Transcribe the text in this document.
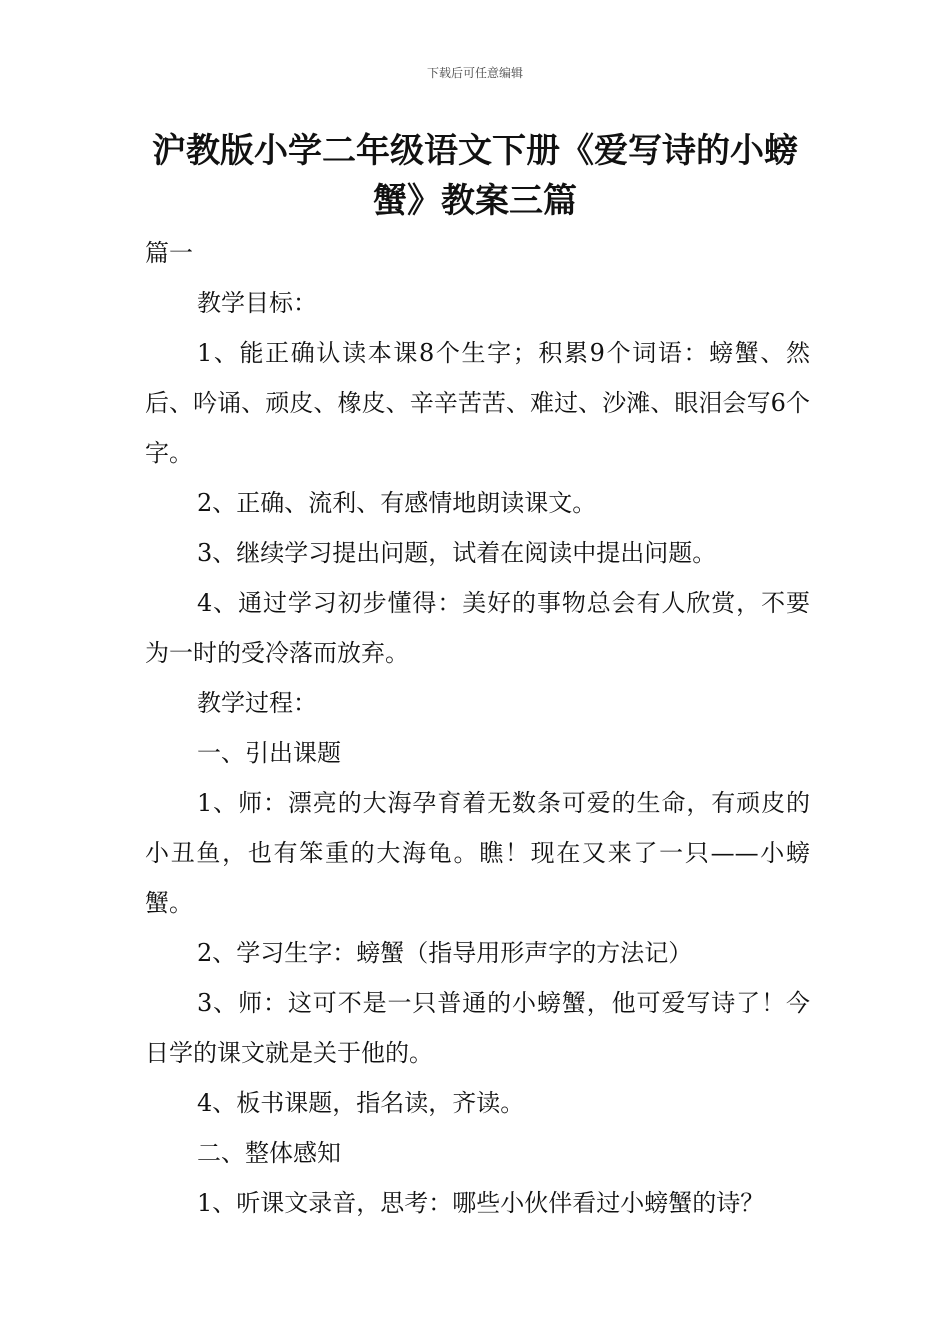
下载后可任意编辑
沪教版小学二年级语文下册《爱写诗的小螃蟹》教案三篇

篇一

教学目标：

1、能正确认读本课8个生字；积累9个词语：螃蟹、然后、吟诵、顽皮、橡皮、辛辛苦苦、难过、沙滩、眼泪会写6个字。

2、正确、流利、有感情地朗读课文。

3、继续学习提出问题，试着在阅读中提出问题。

4、通过学习初步懂得：美好的事物总会有人欣赏，不要为一时的受冷落而放弃。

教学过程：

一、引出课题

1、师：漂亮的大海孕育着无数条可爱的生命，有顽皮的小丑鱼，也有笨重的大海龟。瞧！现在又来了一只——小螃蟹。

2、学习生字：螃蟹（指导用形声字的方法记）

3、师：这可不是一只普通的小螃蟹，他可爱写诗了！今日学的课文就是关于他的。

4、板书课题，指名读，齐读。

二、整体感知

1、听课文录音，思考：哪些小伙伴看过小螃蟹的诗？
